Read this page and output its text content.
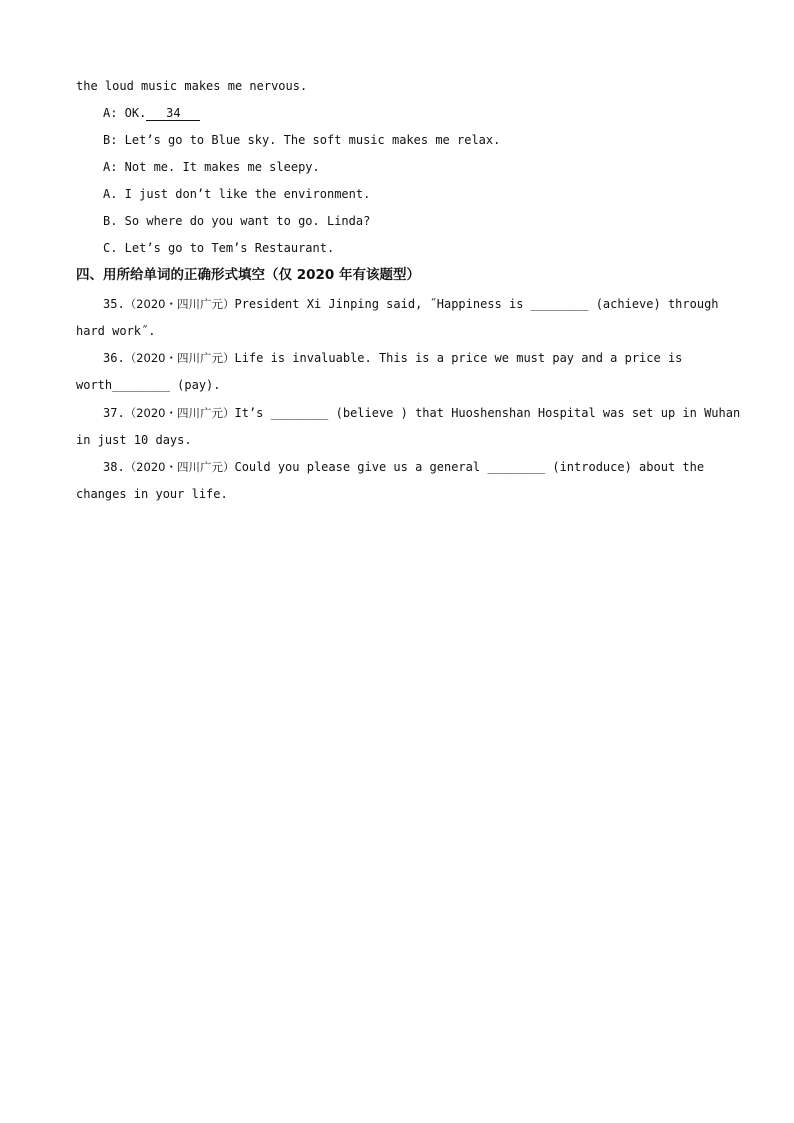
the loud music makes me nervous.
A: OK. 34
B: Let’s go to Blue sky. The soft music makes me relax.
A: Not me. It makes me sleepy.
A. I just don’t like the environment.
B. So where do you want to go. Linda?
C. Let’s go to Tem’s Restaurant.
四、用所给单词的正确形式填空（仅 2020 年有该题型）
35.（2020・四川广元）President Xi Jinping said, ˝Happiness is ________ (achieve) through
hard work˝.
36.（2020・四川广元）Life is invaluable. This is a price we must pay and a price is
worth________ (pay).
37.（2020・四川广元）It’s ________ (believe ) that Huoshenshan Hospital was set up in Wuhan
in just 10 days.
38.（2020・四川广元）Could you please give us a general ________ (introduce) about the
changes in your life.
